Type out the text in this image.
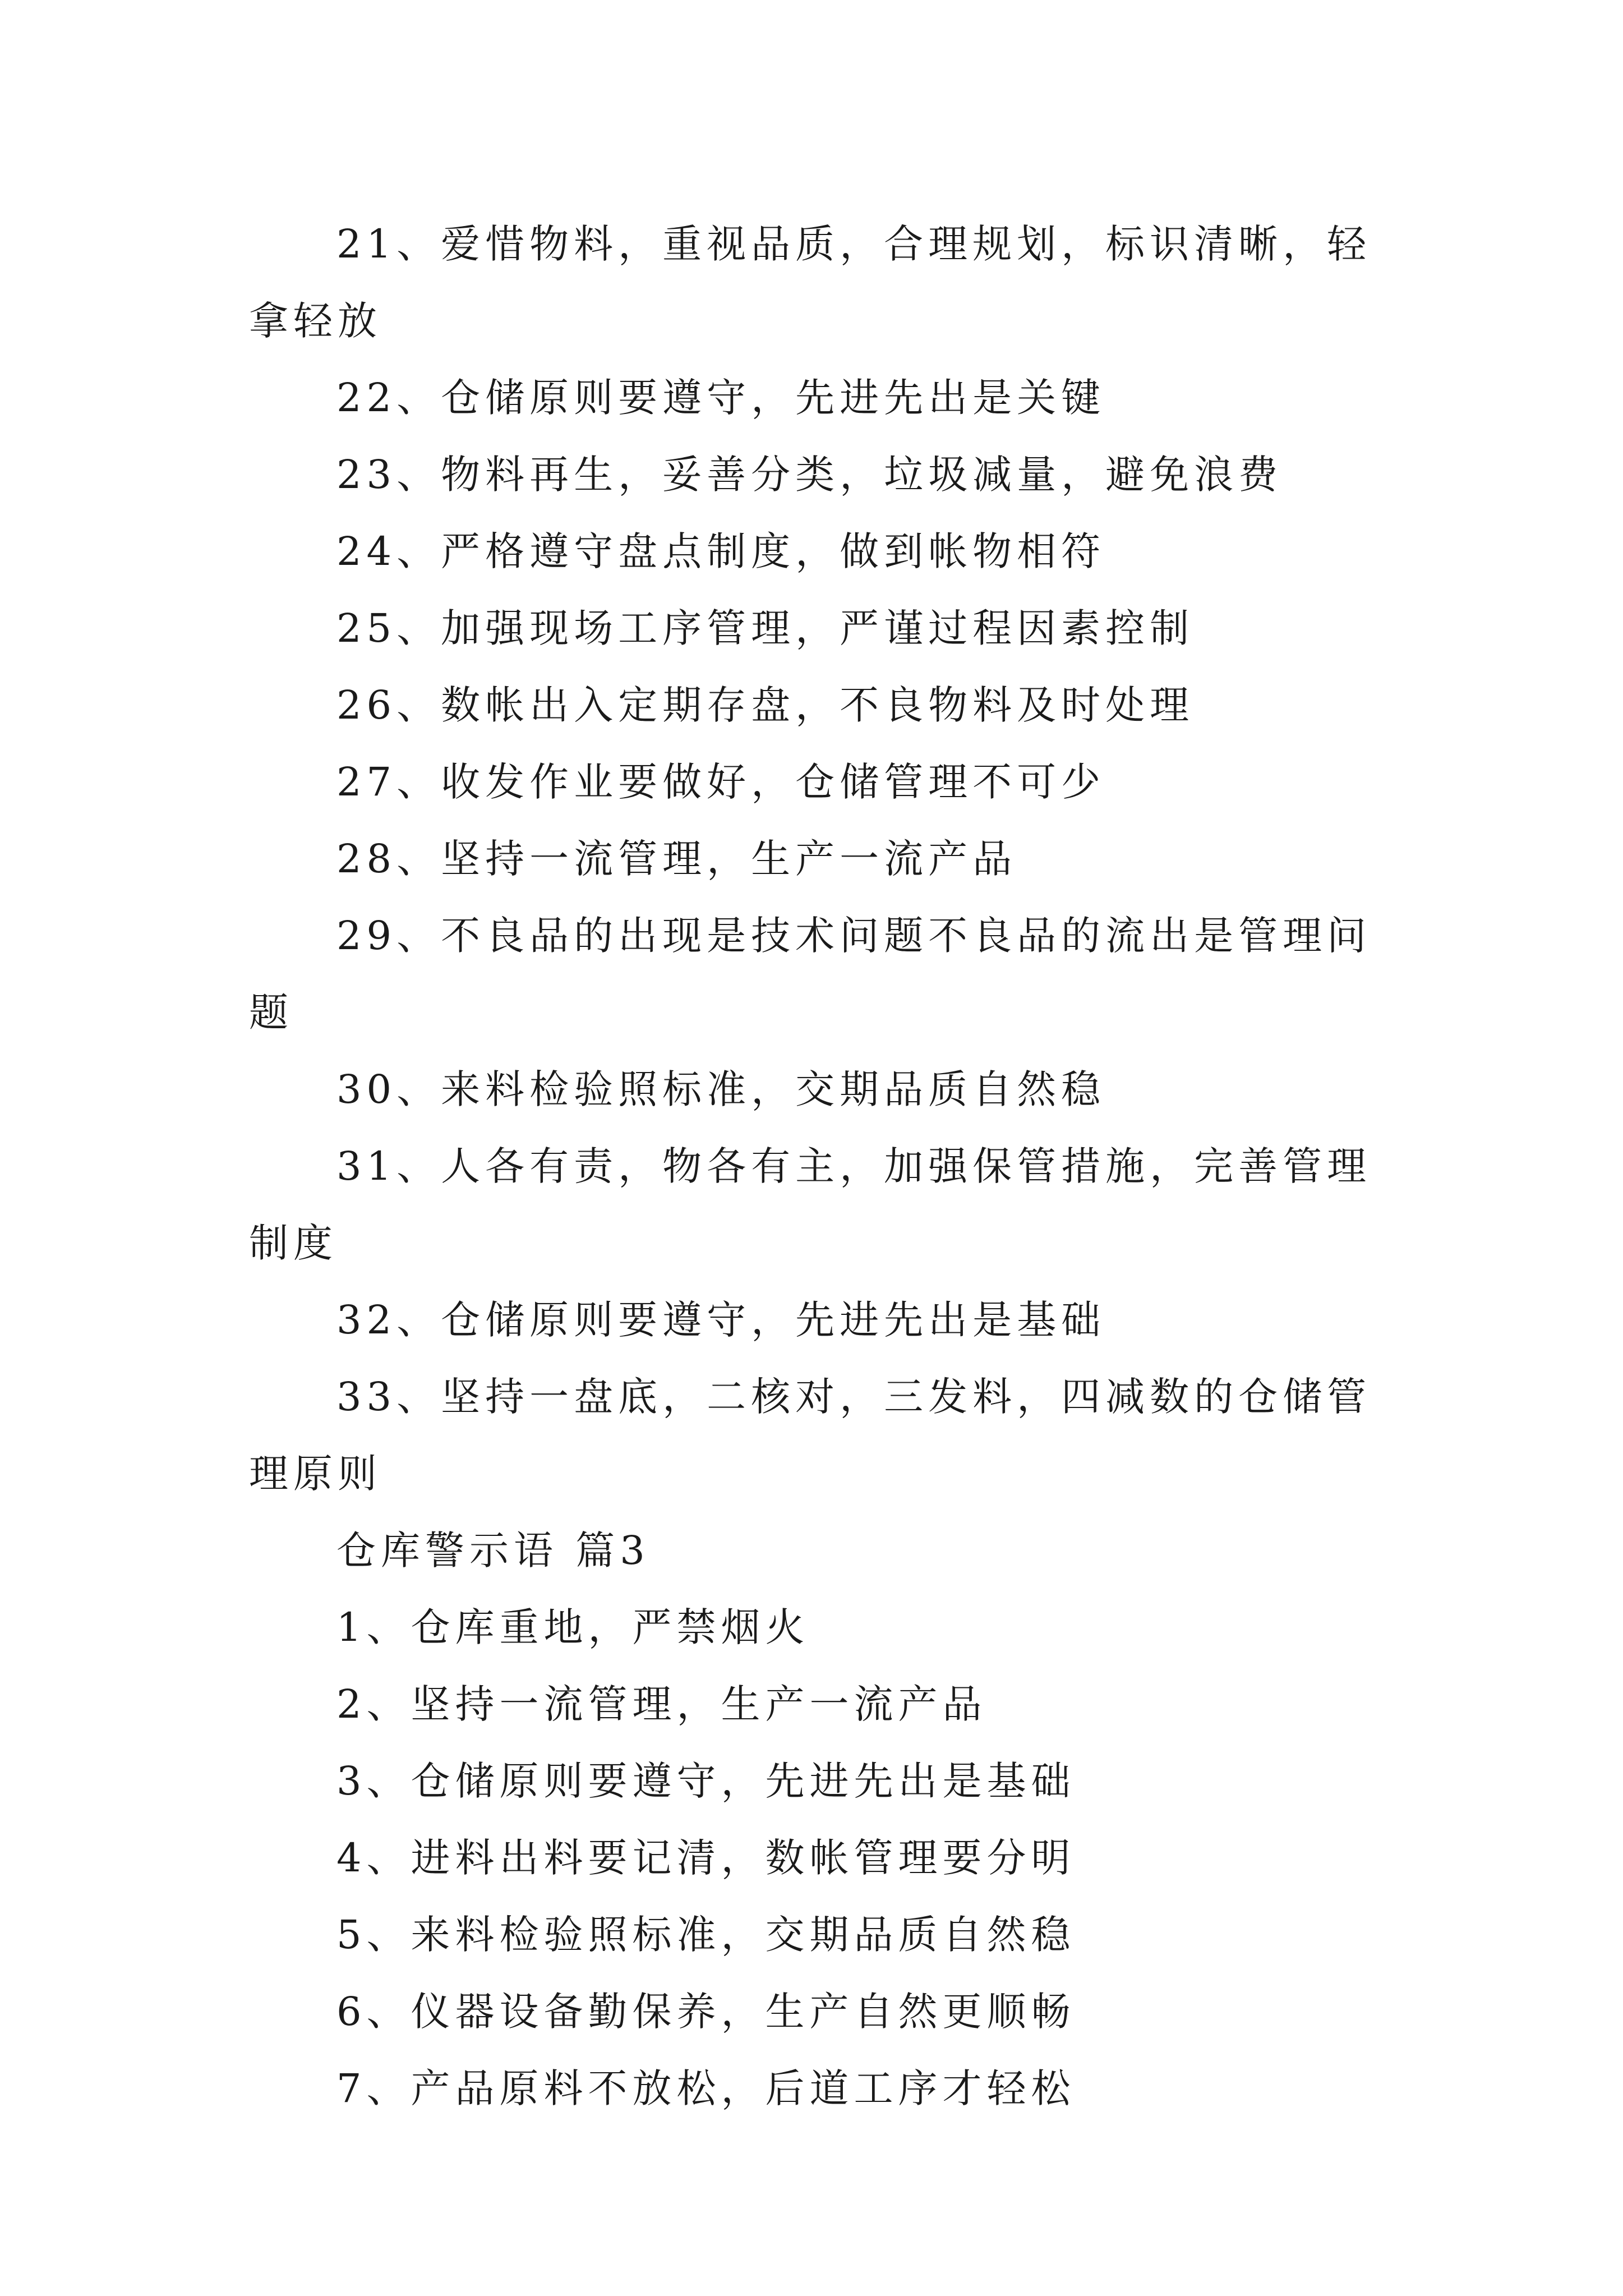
21、爱惜物料，重视品质，合理规划，标识清晰，轻拿轻放

22、仓储原则要遵守，先进先出是关键

23、物料再生，妥善分类，垃圾减量，避免浪费

24、严格遵守盘点制度，做到帐物相符

25、加强现场工序管理，严谨过程因素控制

26、数帐出入定期存盘，不良物料及时处理

27、收发作业要做好，仓储管理不可少

28、坚持一流管理，生产一流产品

29、不良品的出现是技术问题不良品的流出是管理问题

30、来料检验照标准，交期品质自然稳

31、人各有责，物各有主，加强保管措施，完善管理制度

32、仓储原则要遵守，先进先出是基础

33、坚持一盘底，二核对，三发料，四减数的仓储管理原则

仓库警示语 篇3

1、仓库重地，严禁烟火

2、坚持一流管理，生产一流产品

3、仓储原则要遵守，先进先出是基础

4、进料出料要记清，数帐管理要分明

5、来料检验照标准，交期品质自然稳

6、仪器设备勤保养，生产自然更顺畅

7、产品原料不放松，后道工序才轻松
